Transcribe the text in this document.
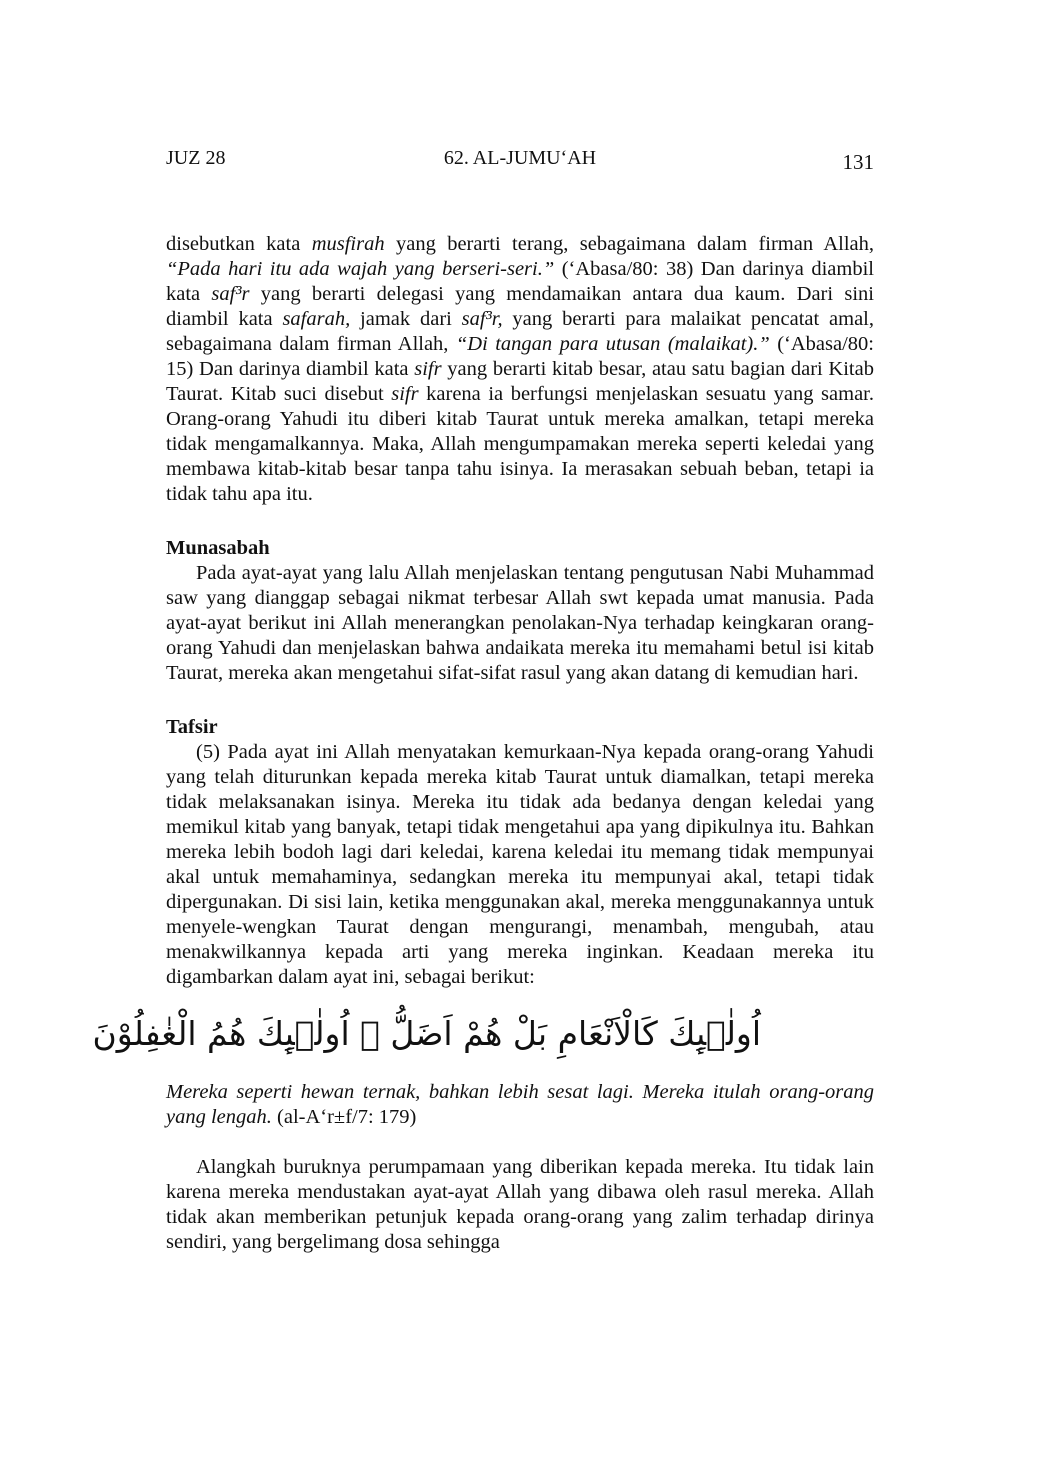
JUZ 28	62. AL-JUMU‘AH	131

disebutkan kata musfirah yang berarti terang, sebagaimana dalam firman Allah, “Pada hari itu ada wajah yang berseri-seri.” (‘Abasa/80: 38) Dan darinya diambil kata saf³r yang berarti delegasi yang mendamaikan antara dua kaum. Dari sini diambil kata safarah, jamak dari saf³r, yang berarti para malaikat pencatat amal, sebagaimana dalam firman Allah, “Di tangan para utusan (malaikat).” (‘Abasa/80: 15) Dan darinya diambil kata sifr yang berarti kitab besar, atau satu bagian dari Kitab Taurat. Kitab suci disebut sifr karena ia berfungsi menjelaskan sesuatu yang samar. Orang-orang Yahudi itu diberi kitab Taurat untuk mereka amalkan, tetapi mereka tidak mengamalkannya. Maka, Allah mengumpamakan mereka seperti keledai yang membawa kitab-kitab besar tanpa tahu isinya. Ia merasakan sebuah beban, tetapi ia tidak tahu apa itu.

Munasabah

Pada ayat-ayat yang lalu Allah menjelaskan tentang pengutusan Nabi Muhammad saw yang dianggap sebagai nikmat terbesar Allah swt kepada umat manusia. Pada ayat-ayat berikut ini Allah menerangkan penolakan-Nya terhadap keingkaran orang-orang Yahudi dan menjelaskan bahwa andaikata mereka itu memahami betul isi kitab Taurat, mereka akan mengetahui sifat-sifat rasul yang akan datang di kemudian hari.

Tafsir

(5) Pada ayat ini Allah menyatakan kemurkaan-Nya kepada orang-orang Yahudi yang telah diturunkan kepada mereka kitab Taurat untuk diamalkan, tetapi mereka tidak melaksanakan isinya. Mereka itu tidak ada bedanya dengan keledai yang memikul kitab yang banyak, tetapi tidak mengetahui apa yang dipikulnya itu. Bahkan mereka lebih bodoh lagi dari keledai, karena keledai itu memang tidak mempunyai akal untuk memahaminya, sedangkan mereka itu mempunyai akal, tetapi tidak dipergunakan. Di sisi lain, ketika menggunakan akal, mereka menggunakannya untuk menyele-wengkan Taurat dengan mengurangi, menambah, mengubah, atau menakwilkannya kepada arti yang mereka inginkan. Keadaan mereka itu digambarkan dalam ayat ini, sebagai berikut:

اُولٰۤىِٕكَ كَالْاَنْعَامِ بَلْ هُمْ اَضَلُّ ۗ اُولٰۤىِٕكَ هُمُ الْغٰفِلُوْنَ

Mereka seperti hewan ternak, bahkan lebih sesat lagi. Mereka itulah orang-orang yang lengah. (al-A‘r±f/7: 179)

Alangkah buruknya perumpamaan yang diberikan kepada mereka. Itu tidak lain karena mereka mendustakan ayat-ayat Allah yang dibawa oleh rasul mereka. Allah tidak akan memberikan petunjuk kepada orang-orang yang zalim terhadap dirinya sendiri, yang bergelimang dosa sehingga
